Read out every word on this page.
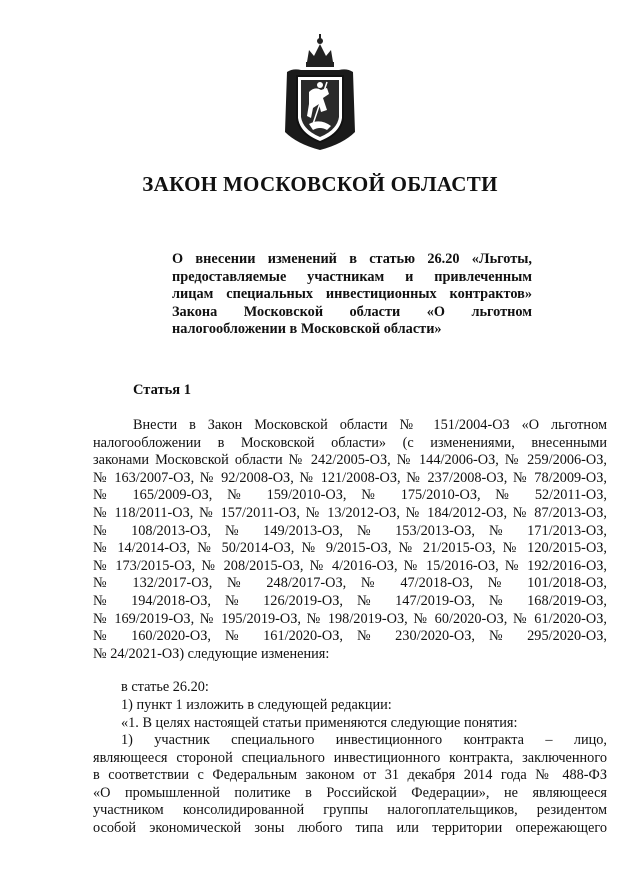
ЗАКОН МОСКОВСКОЙ ОБЛАСТИ
О внесении изменений в статью 26.20 «Льготы,
предоставляемые участникам и привлеченным
лицам специальных инвестиционных контрактов»
Закона Московской области «О льготном
налогообложении в Московской области»
Статья 1
Внести в Закон Московской области № 151/2004-ОЗ «О льготном
налогообложении в Московской области» (с изменениями, внесенными
законами Московской области № 242/2005-ОЗ, № 144/2006-ОЗ, № 259/2006-ОЗ,
№ 163/2007-ОЗ, № 92/2008-ОЗ, № 121/2008-ОЗ, № 237/2008-ОЗ, № 78/2009-ОЗ,
№ 165/2009-ОЗ, № 159/2010-ОЗ, № 175/2010-ОЗ, № 52/2011-ОЗ,
№ 118/2011-ОЗ, № 157/2011-ОЗ, № 13/2012-ОЗ, № 184/2012-ОЗ, № 87/2013-ОЗ,
№ 108/2013-ОЗ, № 149/2013-ОЗ, № 153/2013-ОЗ, № 171/2013-ОЗ,
№ 14/2014-ОЗ, № 50/2014-ОЗ, № 9/2015-ОЗ, № 21/2015-ОЗ, № 120/2015-ОЗ,
№ 173/2015-ОЗ, № 208/2015-ОЗ, № 4/2016-ОЗ, № 15/2016-ОЗ, № 192/2016-ОЗ,
№ 132/2017-ОЗ, № 248/2017-ОЗ, № 47/2018-ОЗ, № 101/2018-ОЗ,
№ 194/2018-ОЗ, № 126/2019-ОЗ, № 147/2019-ОЗ, № 168/2019-ОЗ,
№ 169/2019-ОЗ, № 195/2019-ОЗ, № 198/2019-ОЗ, № 60/2020-ОЗ, № 61/2020-ОЗ,
№ 160/2020-ОЗ, № 161/2020-ОЗ, № 230/2020-ОЗ, № 295/2020-ОЗ,
№ 24/2021-ОЗ) следующие изменения:
в статье 26.20:
1) пункт 1 изложить в следующей редакции:
«1. В целях настоящей статьи применяются следующие понятия:
1) участник специального инвестиционного контракта – лицо,
являющееся стороной специального инвестиционного контракта, заключенного
в соответствии с Федеральным законом от 31 декабря 2014 года № 488-ФЗ
«О промышленной политике в Российской Федерации», не являющееся
участником консолидированной группы налогоплательщиков, резидентом
особой экономической зоны любого типа или территории опережающего
